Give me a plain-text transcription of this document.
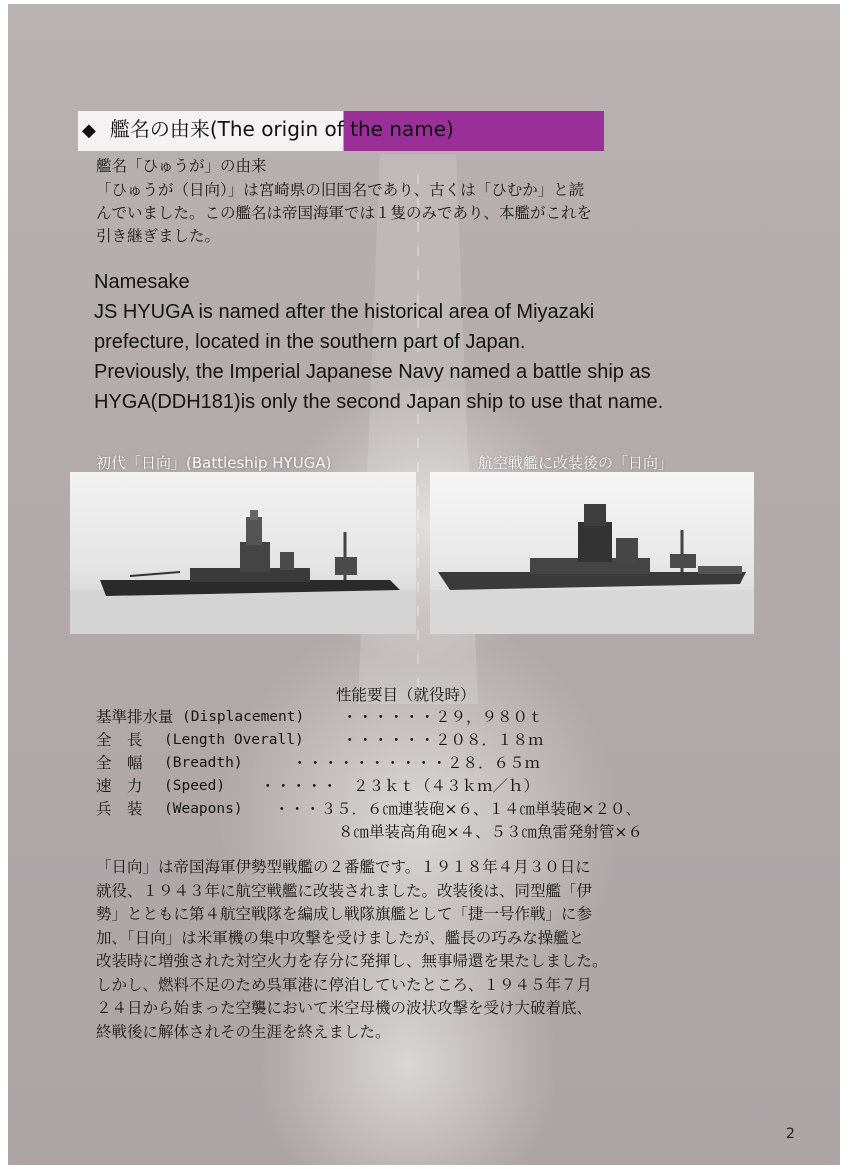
◆ 艦名の由来(The origin of the name)

艦名「ひゅうが」の由来

「ひゅうが（日向）」は宮崎県の旧国名であり、古くは「ひむか」と読

んでいました。この艦名は帝国海軍では１隻のみであり、本艦がこれを

引き継ぎました。

Namesake

JS HYUGA is named after the historical area of Miyazaki

prefecture, located in the southern part of Japan.

Previously, the Imperial Japanese Navy named a battle ship as

HYGA(DDH181)is only the second Japan ship to use that name.

初代「日向」(Battleship HYUGA)	航空戦艦に改装後の「日向」
性能要目（就役時）
基準排水量 (Displacement) ・・・・・・２９，９８０ｔ
全　長 (Length Overall) ・・・・・・２０８．１８ｍ
全　幅 (Breadth)	・・・・・・・・・・２８．６５ｍ
速　力 (Speed) ・・・・・　２３ｋｔ（４３ｋｍ／ｈ）
兵　装 (Weapons) ・・・３５．６㎝連装砲×６、１４㎝単装砲×２０、
８㎝単装高角砲×４、５３㎝魚雷発射管×６

「日向」は帝国海軍伊勢型戦艦の２番艦です。１９１８年４月３０日に

就役、１９４３年に航空戦艦に改装されました。改装後は、同型艦「伊

勢」とともに第４航空戦隊を編成し戦隊旗艦として「捷一号作戦」に参

加、「日向」は米軍機の集中攻撃を受けましたが、艦長の巧みな操艦と

改装時に増強された対空火力を存分に発揮し、無事帰還を果たしました。

しかし、燃料不足のため呉軍港に停泊していたところ、１９４５年７月

２４日から始まった空襲において米空母機の波状攻撃を受け大破着底、

終戦後に解体されその生涯を終えました。

2
